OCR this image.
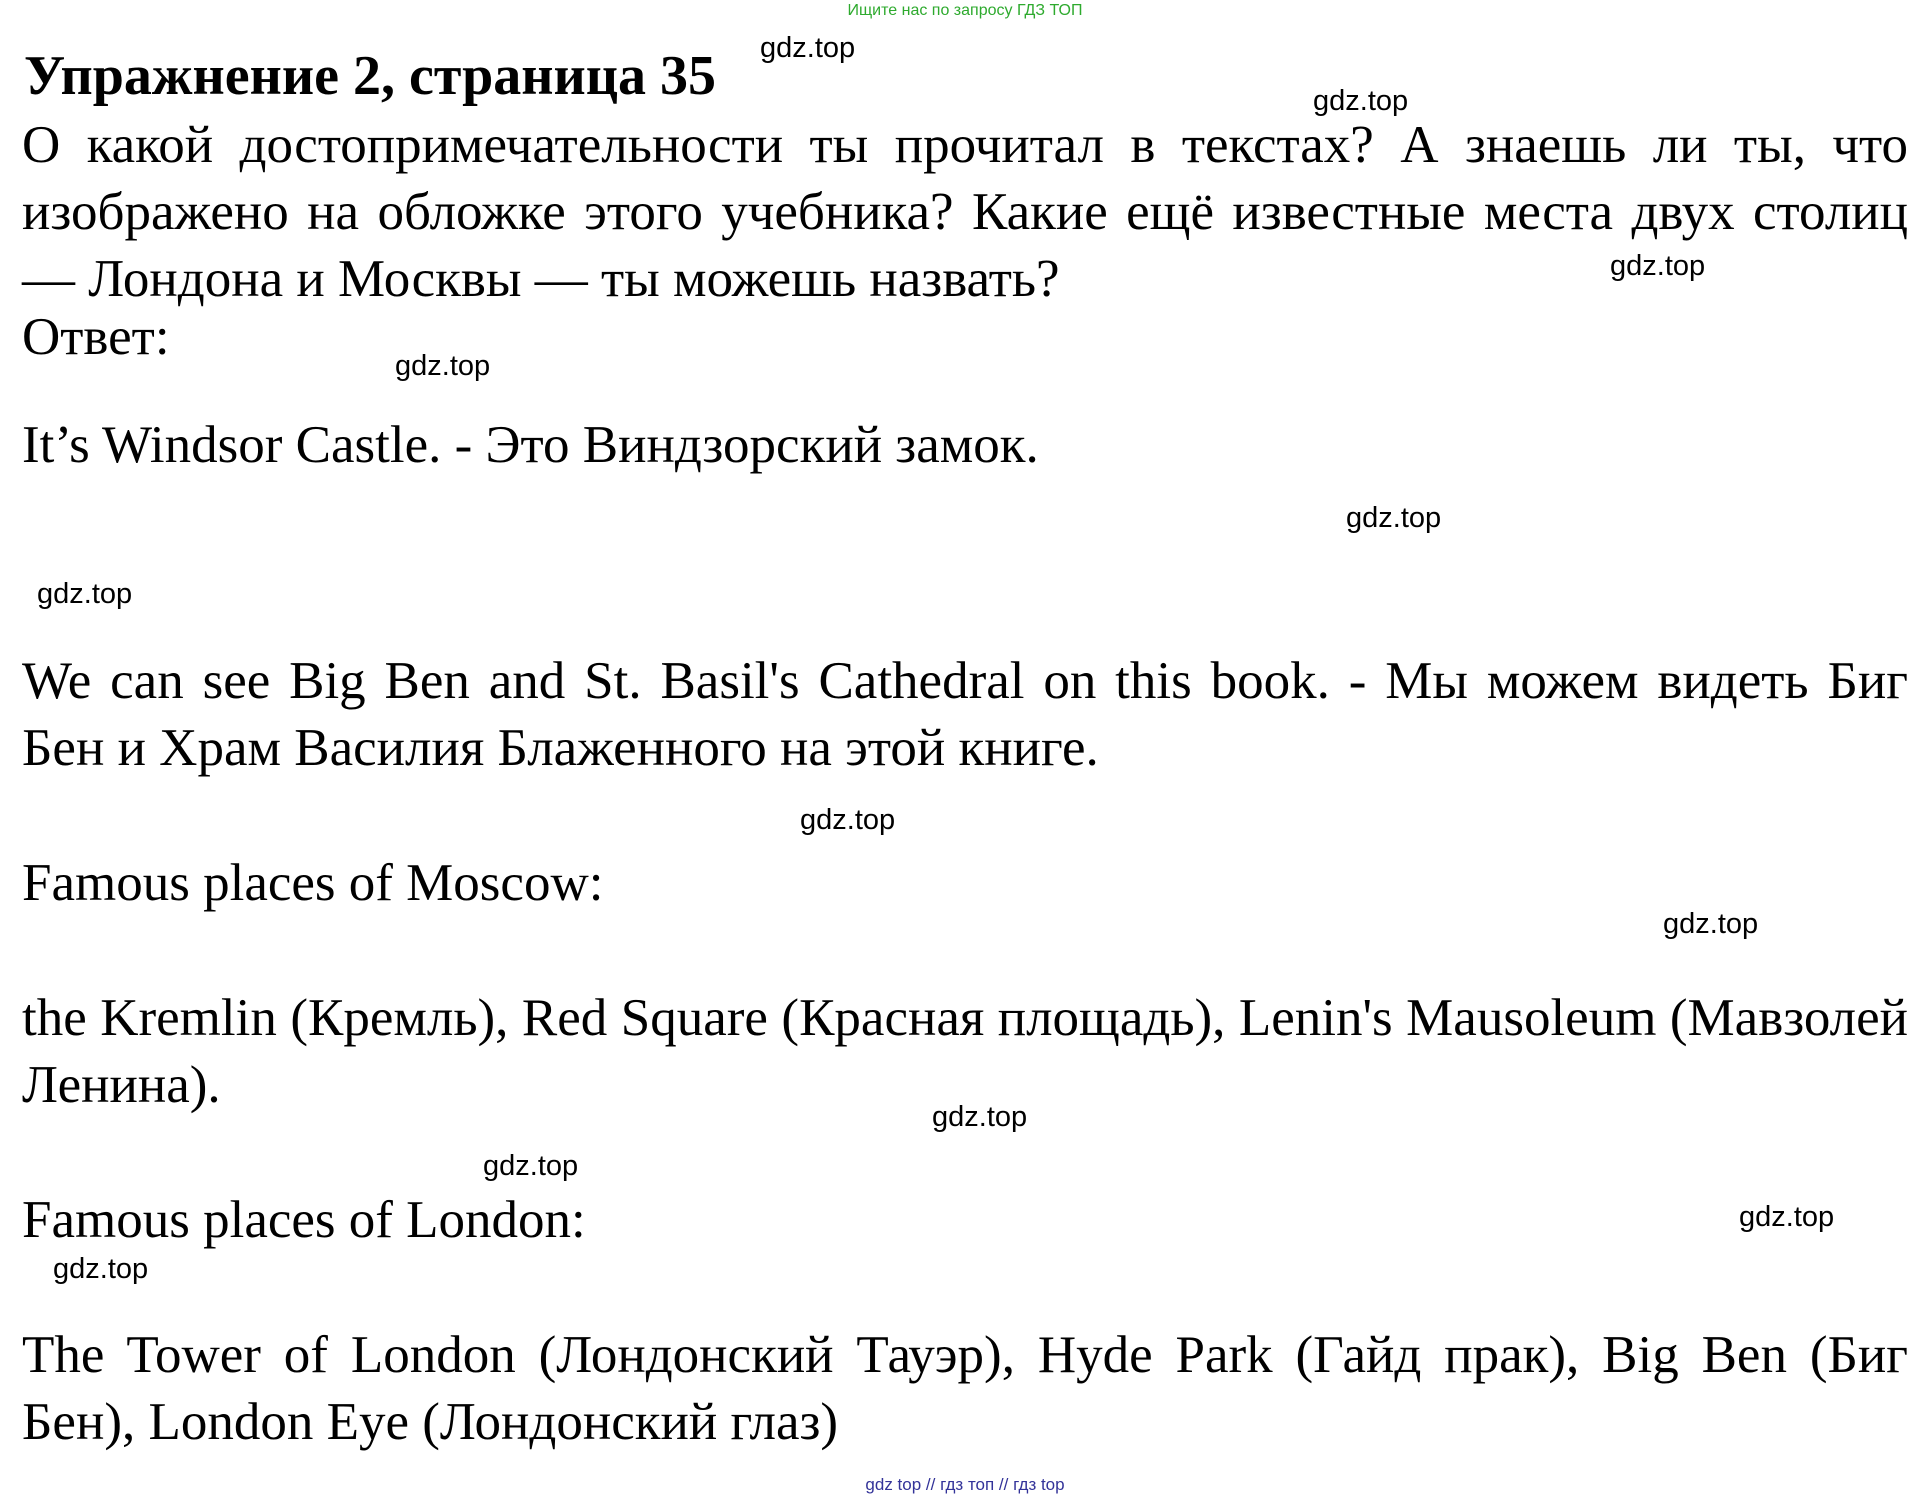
Ищите нас по запросу ГДЗ ТОП
Упражнение 2, страница 35

О какой достопримечательности ты прочитал в текстах? А знаешь ли ты, что изображено на обложке этого учебника? Какие ещё известные места двух столиц — Лондона и Москвы — ты можешь назвать?

Ответ:

It’s Windsor Castle. - Это Виндзорский замок.

We can see Big Ben and St. Basil's Cathedral on this book. - Мы можем видеть Биг Бен и Храм Василия Блаженного на этой книге.

Famous places of Moscow:

the Kremlin (Кремль), Red Square (Красная площадь), Lenin's Mausoleum (Мавзолей Ленина).

Famous places of London:

The Tower of London (Лондонский Тауэр), Hyde Park (Гайд прак), Big Ben (Биг Бен), London Eye (Лондонский глаз)

gdz.top
gdz.top
gdz.top
gdz.top
gdz.top
gdz.top
gdz.top
gdz.top
gdz.top
gdz.top
gdz.top
gdz.top
gdz top // гдз топ // гдз top
